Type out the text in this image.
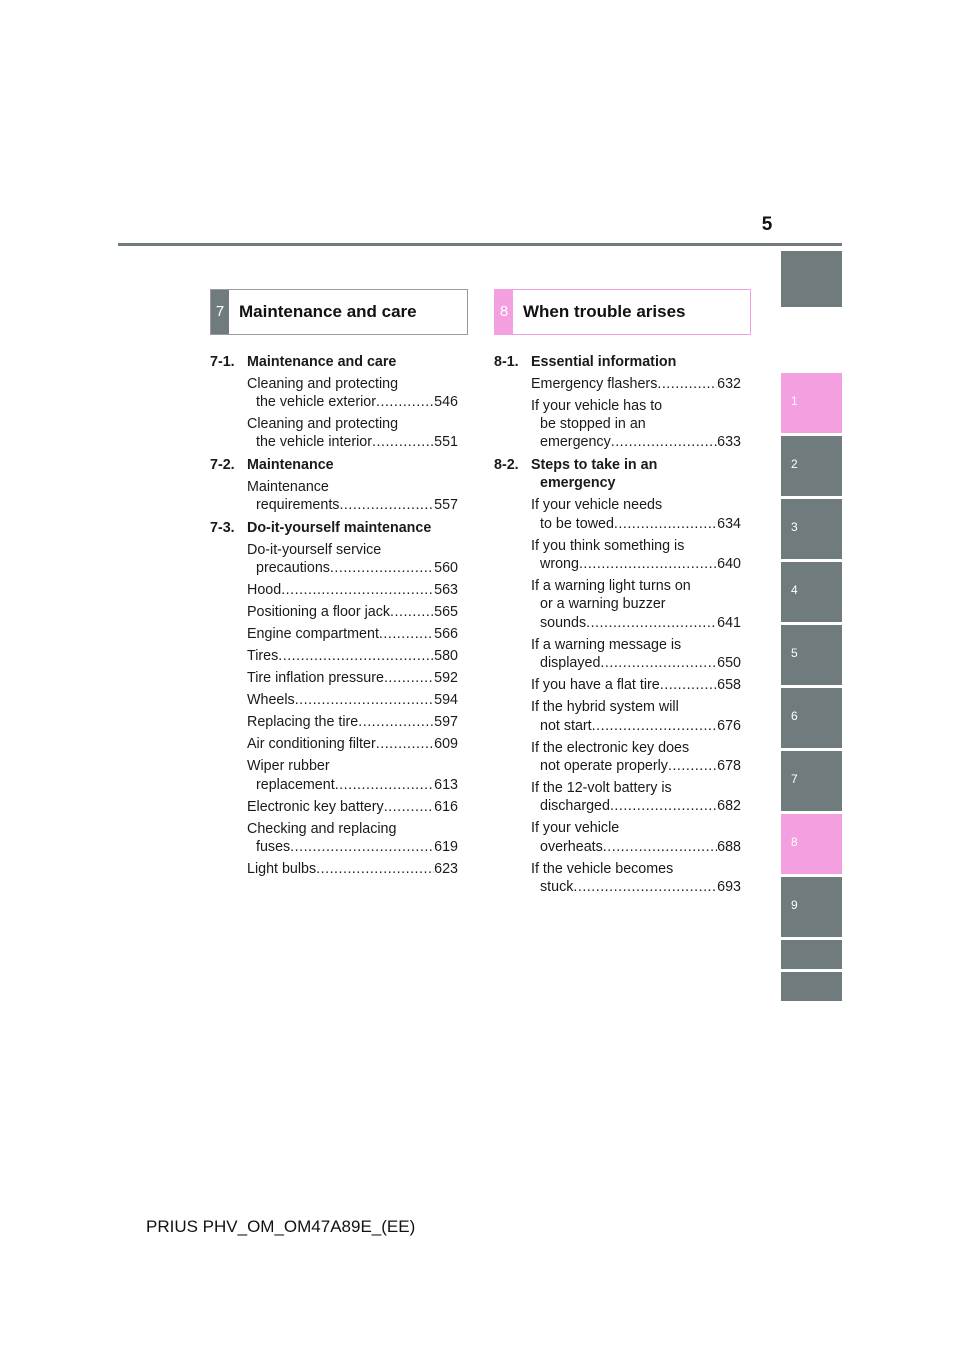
5
1
2
3
4
5
6
7
8
9
7 Maintenance and care	8 When trouble arises
7-1. Maintenance and care
Cleaning and protecting
the vehicle exterior .....	546
Cleaning and protecting
the vehicle interior .....	551
7-2. Maintenance
Maintenance
requirements .....	557
7-3. Do-it-yourself maintenance
Do-it-yourself service
precautions .....	560
Hood .....	563
Positioning a floor jack .....	565
Engine compartment .....	566
Tires .....	580
Tire inflation pressure .....	592
Wheels .....	594
Replacing the tire .....	597
Air conditioning filter .....	609
Wiper rubber
replacement .....	613
Electronic key battery .....	616
Checking and replacing
fuses .....	619
Light bulbs .....	623
8-1. Essential information
Emergency flashers .....	632
If your vehicle has to
be stopped in an
emergency .....	633
8-2. Steps to take in an
emergency
If your vehicle needs
to be towed .....	634
If you think something is
wrong .....	640
If a warning light turns on
or a warning buzzer
sounds .....	641
If a warning message is
displayed .....	650
If you have a flat tire .....	658
If the hybrid system will
not start .....	676
If the electronic key does
not operate properly .....	678
If the 12-volt battery is
discharged .....	682
If your vehicle
overheats .....	688
If the vehicle becomes
stuck .....	693
PRIUS PHV_OM_OM47A89E_(EE)
